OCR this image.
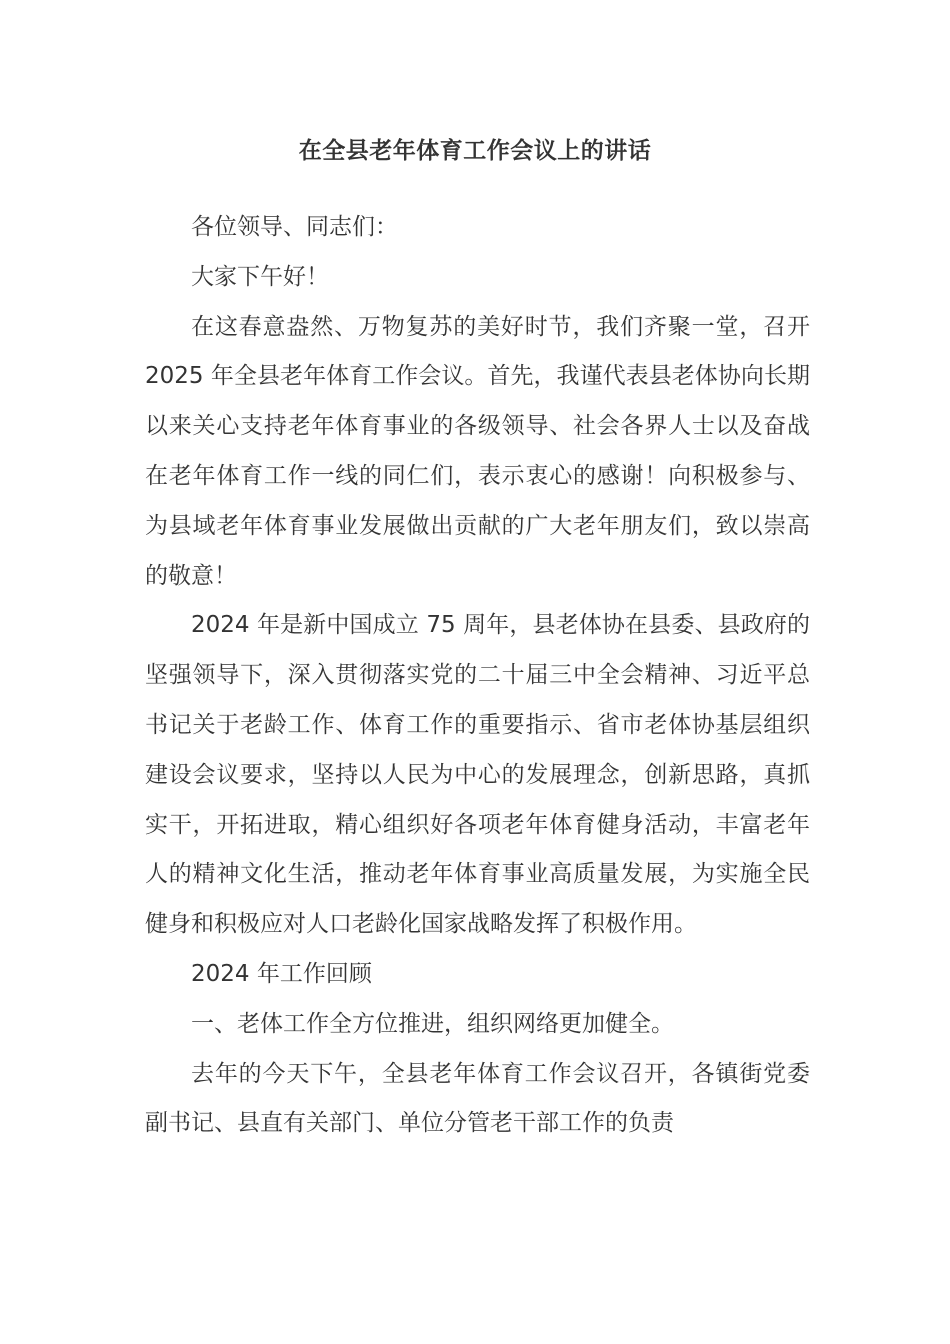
在全县老年体育工作会议上的讲话

各位领导、同志们：

大家下午好！

在这春意盎然、万物复苏的美好时节，我们齐聚一堂，召开 2025 年全县老年体育工作会议。首先，我谨代表县老体协向长期以来关心支持老年体育事业的各级领导、社会各界人士以及奋战在老年体育工作一线的同仁们，表示衷心的感谢！向积极参与、为县域老年体育事业发展做出贡献的广大老年朋友们，致以崇高的敬意！

2024 年是新中国成立 75 周年，县老体协在县委、县政府的坚强领导下，深入贯彻落实党的二十届三中全会精神、习近平总书记关于老龄工作、体育工作的重要指示、省市老体协基层组织建设会议要求，坚持以人民为中心的发展理念，创新思路，真抓实干，开拓进取，精心组织好各项老年体育健身活动，丰富老年人的精神文化生活，推动老年体育事业高质量发展，为实施全民健身和积极应对人口老龄化国家战略发挥了积极作用。

2024 年工作回顾

一、老体工作全方位推进，组织网络更加健全。

去年的今天下午，全县老年体育工作会议召开，各镇街党委副书记、县直有关部门、单位分管老干部工作的负责
